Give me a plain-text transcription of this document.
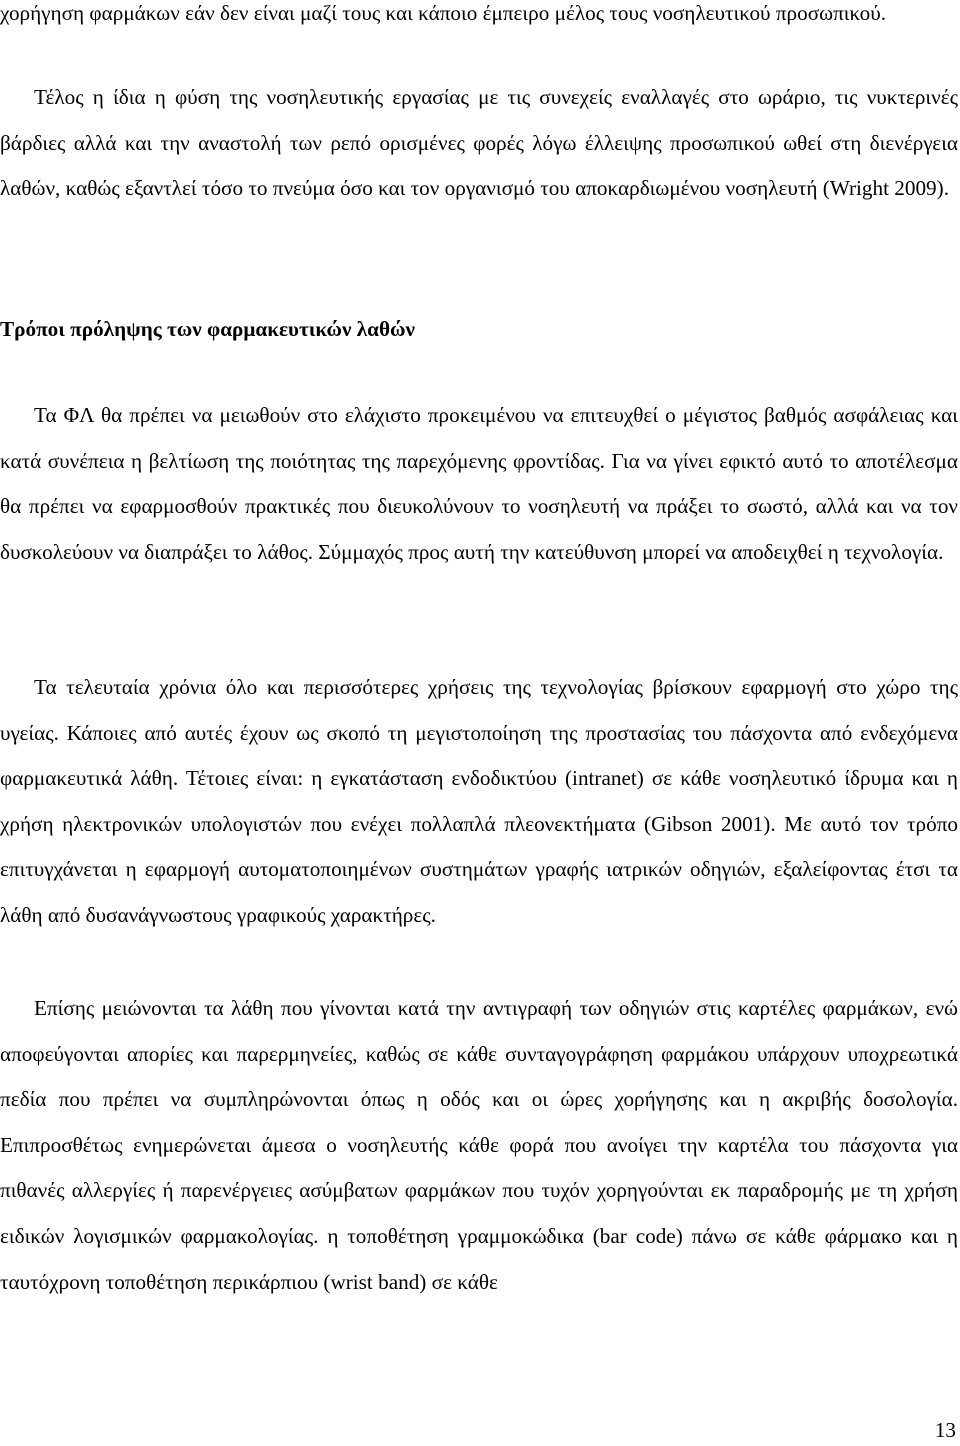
χορήγηση φαρμάκων εάν δεν είναι μαζί τους και κάποιο έμπειρο μέλος τους νοσηλευτικού προσωπικού.

Τέλος η ίδια η φύση της νοσηλευτικής εργασίας με τις συνεχείς εναλλαγές στο ωράριο, τις νυκτερινές βάρδιες αλλά και την αναστολή των ρεπό ορισμένες φορές λόγω έλλειψης προσωπικού ωθεί στη διενέργεια λαθών, καθώς εξαντλεί τόσο το πνεύμα όσο και τον οργανισμό του αποκαρδιωμένου νοσηλευτή (Wright 2009).

Τρόποι πρόληψης των φαρμακευτικών λαθών

Τα ΦΛ θα πρέπει να μειωθούν στο ελάχιστο προκειμένου να επιτευχθεί ο μέγιστος βαθμός ασφάλειας και κατά συνέπεια η βελτίωση της ποιότητας της παρεχόμενης φροντίδας. Για να γίνει εφικτό αυτό το αποτέλεσμα θα πρέπει να εφαρμοσθούν πρακτικές που διευκολύνουν το νοσηλευτή να πράξει το σωστό, αλλά και να τον δυσκολεύουν να διαπράξει το λάθος. Σύμμαχός προς αυτή την κατεύθυνση μπορεί να αποδειχθεί η τεχνολογία.

Τα τελευταία χρόνια όλο και περισσότερες χρήσεις της τεχνολογίας βρίσκουν εφαρμογή στο χώρο της υγείας. Κάποιες από αυτές έχουν ως σκοπό τη μεγιστοποίηση της προστασίας του πάσχοντα από ενδεχόμενα φαρμακευτικά λάθη. Τέτοιες είναι: η εγκατάσταση ενδοδικτύου (intranet) σε κάθε νοσηλευτικό ίδρυμα και η χρήση ηλεκτρονικών υπολογιστών που ενέχει πολλαπλά πλεονεκτήματα (Gibson 2001). Με αυτό τον τρόπο επιτυγχάνεται η εφαρμογή αυτοματοποιημένων συστημάτων γραφής ιατρικών οδηγιών, εξαλείφοντας έτσι τα λάθη από δυσανάγνωστους γραφικούς χαρακτήρες.

Επίσης μειώνονται τα λάθη που γίνονται κατά την αντιγραφή των οδηγιών στις καρτέλες φαρμάκων, ενώ αποφεύγονται απορίες και παρερμηνείες, καθώς σε κάθε συνταγογράφηση φαρμάκου υπάρχουν υποχρεωτικά πεδία που πρέπει να συμπληρώνονται όπως η οδός και οι ώρες χορήγησης και η ακριβής δοσολογία. Επιπροσθέτως ενημερώνεται άμεσα ο νοσηλευτής κάθε φορά που ανοίγει την καρτέλα του πάσχοντα για πιθανές αλλεργίες ή παρενέργειες ασύμβατων φαρμάκων που τυχόν χορηγούνται εκ παραδρομής με τη χρήση ειδικών λογισμικών φαρμακολογίας. η τοποθέτηση γραμμοκώδικα (bar code) πάνω σε κάθε φάρμακο και η ταυτόχρονη τοποθέτηση περικάρπιου (wrist band) σε κάθε

13
